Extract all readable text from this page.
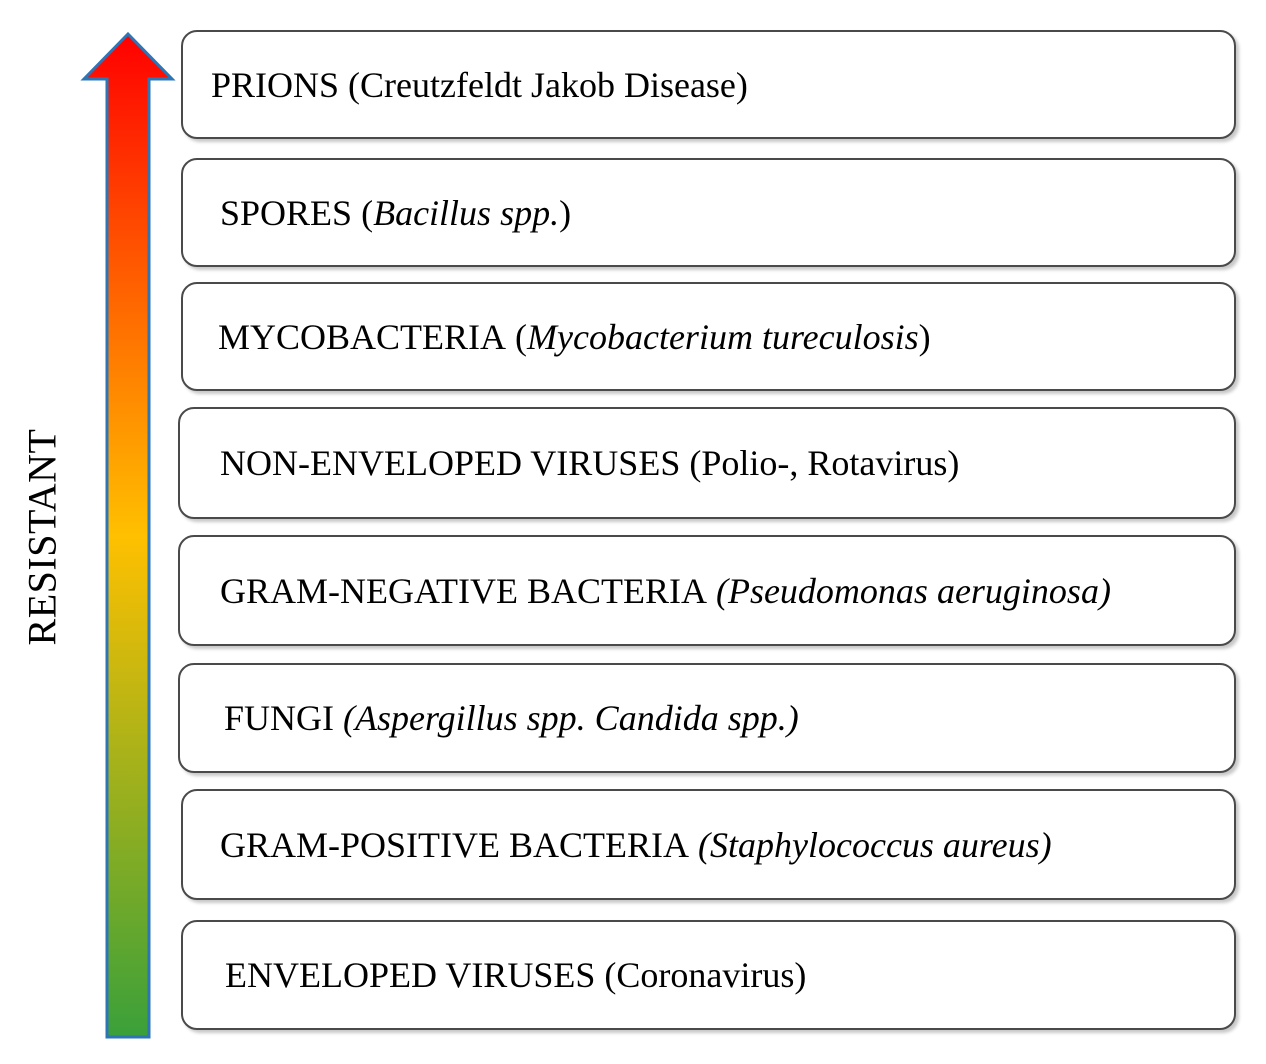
RESISTANT
PRIONS
(Creutzfeldt Jakob Disease)
SPORES
( Bacillus spp. )
MYCOBACTERIA
( Mycobacterium tureculosis )
NON-ENVELOPED VIRUSES
(Polio-, Rotavirus)
GRAM-NEGATIVE BACTERIA
(Pseudomonas aeruginosa)
FUNGI
(Aspergillus spp. Candida spp.)
GRAM-POSITIVE BACTERIA
(Staphylococcus aureus)
ENVELOPED VIRUSES
(Coronavirus)
